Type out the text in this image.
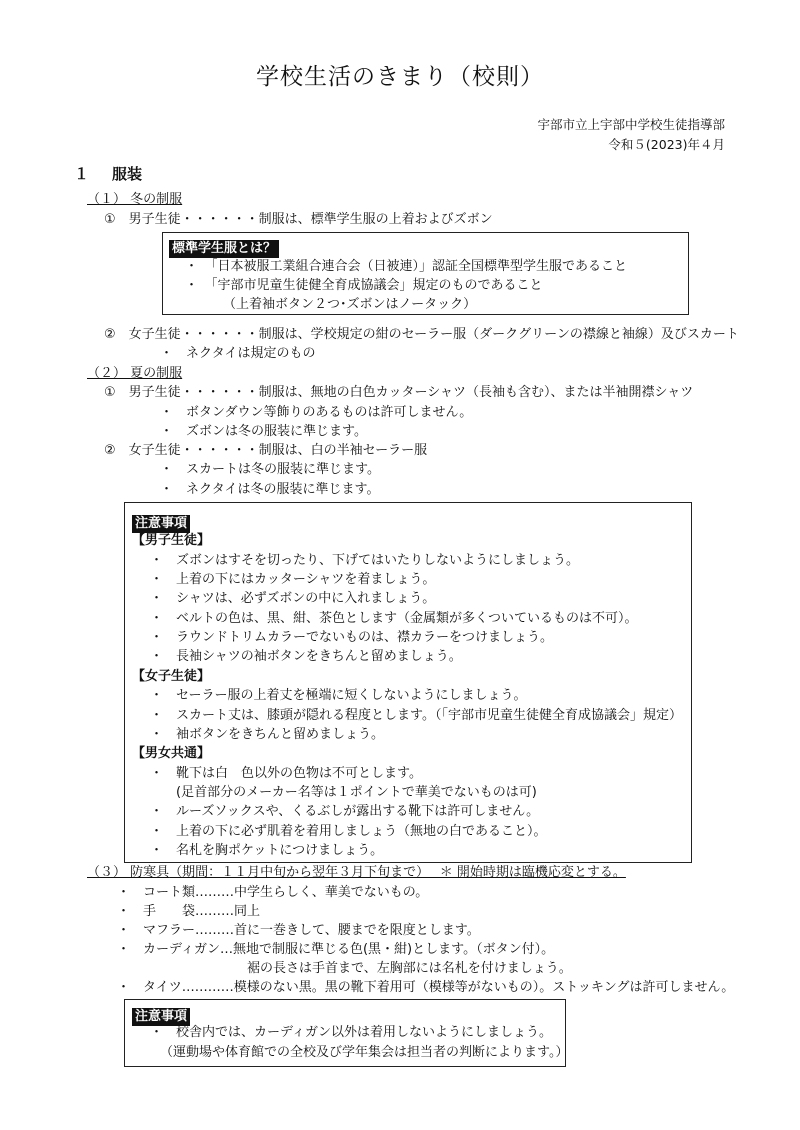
学校生活のきまり（校則）
宇部市立上宇部中学校生徒指導部
令和５(2023)年４月
１ 服装
（１） 冬の制服
①　男子生徒・・・・・・制服は、標準学生服の上着およびズボン
標準学生服とは？
・　「日本被服工業組合連合会（日被連）」認証全国標準型学生服であること
・　「宇部市児童生徒健全育成協議会」規定のものであること
（上着袖ボタン２つ･ズボンはノータック）
②　女子生徒・・・・・・制服は、学校規定の紺のセーラー服（ダークグリーンの襟線と袖線）及びスカート
・　ネクタイは規定のもの
（２） 夏の制服
①　男子生徒・・・・・・制服は、無地の白色カッターシャツ（長袖も含む）、または半袖開襟シャツ
・　ボタンダウン等飾りのあるものは許可しません。
・　ズボンは冬の服装に準じます。
②　女子生徒・・・・・・制服は、白の半袖セーラー服
・　スカートは冬の服装に準じます。
・　ネクタイは冬の服装に準じます。
注意事項
【男子生徒】
・　ズボンはすそを切ったり、下げてはいたりしないようにしましょう。
・　上着の下にはカッターシャツを着ましょう。
・　シャツは、必ずズボンの中に入れましょう。
・　ベルトの色は、黒、紺、茶色とします（金属類が多くついているものは不可）。
・　ラウンドトリムカラーでないものは、襟カラーをつけましょう。
・　長袖シャツの袖ボタンをきちんと留めましょう。
【女子生徒】
・　セーラー服の上着丈を極端に短くしないようにしましょう。
・　スカート丈は、膝頭が隠れる程度とします。（「宇部市児童生徒健全育成協議会」規定）
・　袖ボタンをきちんと留めましょう。
【男女共通】
・　靴下は白　色以外の色物は不可とします。
　　(足首部分のメーカー名等は１ポイントで華美でないものは可)
・　ルーズソックスや、くるぶしが露出する靴下は許可しません。
・　上着の下に必ず肌着を着用しましょう（無地の白であること）。
・　名札を胸ポケットにつけましょう。
（３） 防寒具（期間：１１月中旬から翌年３月下旬まで）　 ＊ 開始時期は臨機応変とする。
・　コート類………中学生らしく、華美でないもの。
・　手　　袋………同上
・　マフラー………首に一巻きして、腰までを限度とします。
・　カーディガン…無地で制服に準じる色(黒・紺)とします。（ボタン付）。
　　　　　　　　　　裾の長さは手首まで、左胸部には名札を付けましょう。
・　タイツ…………模様のない黒。黒の靴下着用可（模様等がないもの）。ストッキングは許可しません。
注意事項
・　校舎内では、カーディガン以外は着用しないようにしましょう。
（運動場や体育館での全校及び学年集会は担当者の判断によります。）
